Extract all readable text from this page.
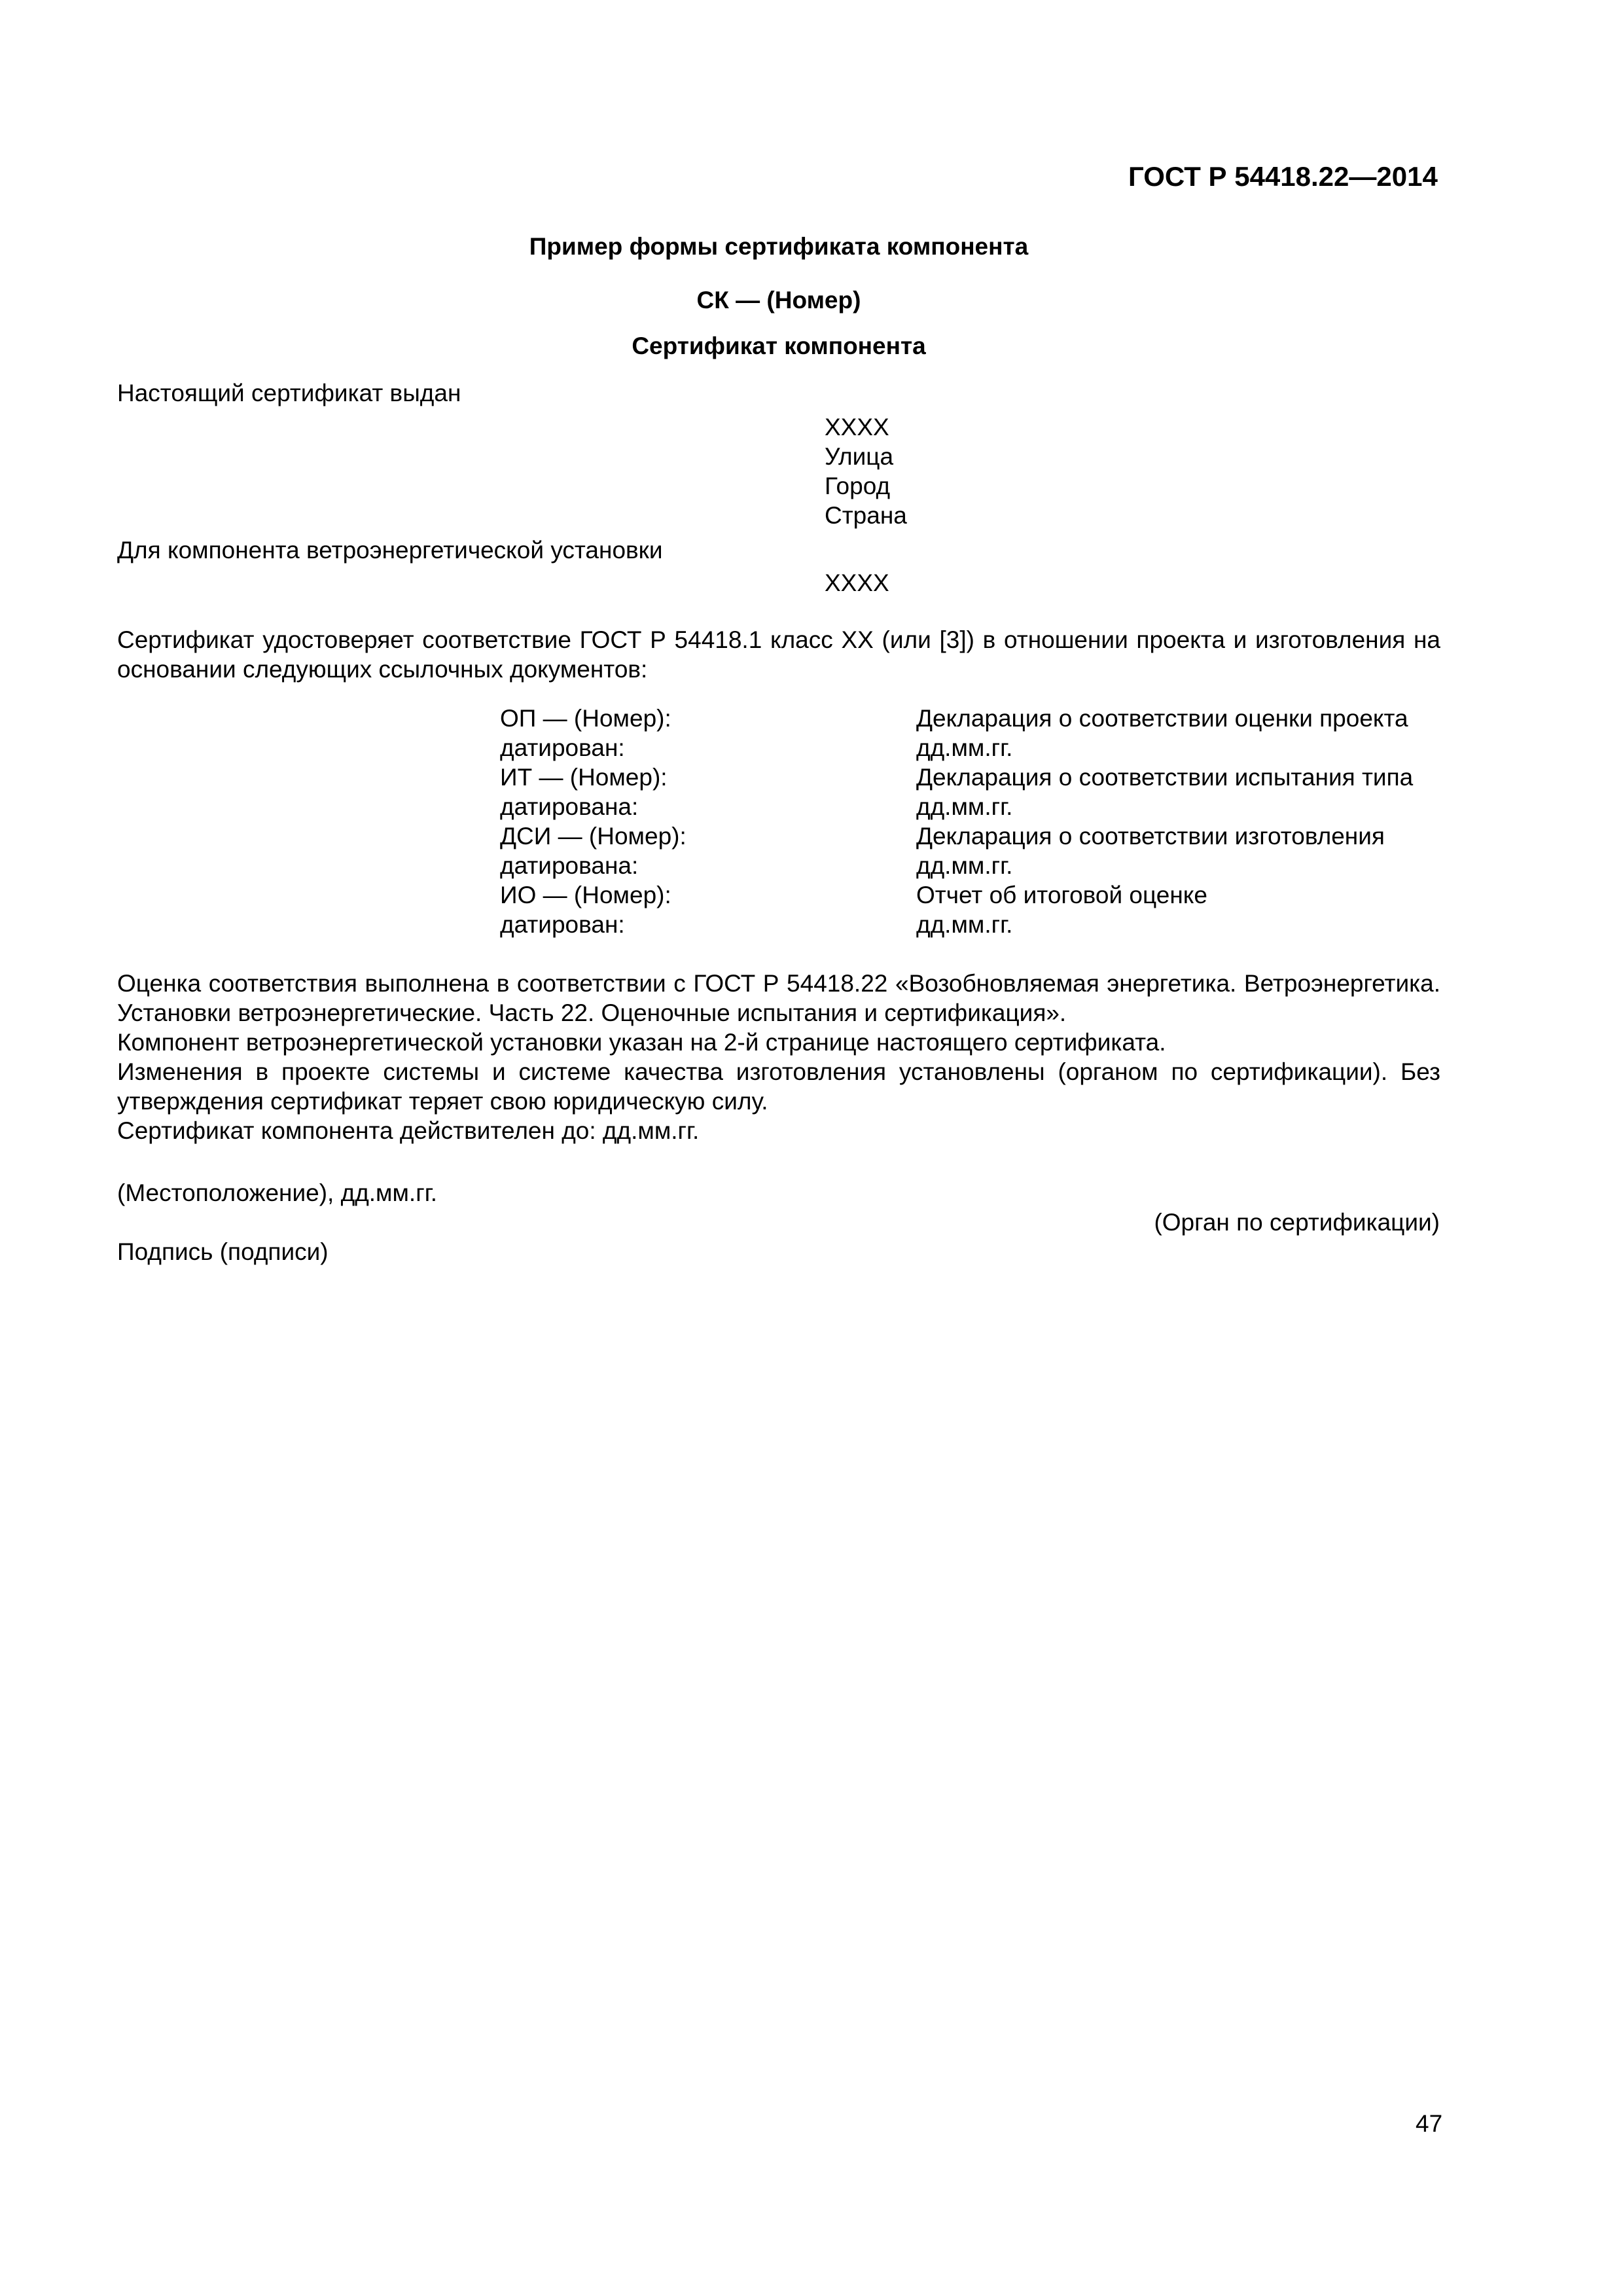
ГОСТ Р 54418.22—2014
Пример формы сертификата компонента
СК — (Номер)
Сертификат компонента
Настоящий сертификат выдан
XXXX
Улица
Город
Страна
Для компонента ветроэнергетической установки
XXXX

Сертификат удостоверяет соответствие ГОСТ Р 54418.1 класс XX (или [3]) в отношении проекта и изготовления на основании следующих ссылочных документов:

ОП — (Номер):	Декларация о соответствии оценки проекта
датирован:	дд.мм.гг.
ИТ — (Номер):	Декларация о соответствии испытания типа
датирована:	дд.мм.гг.
ДСИ — (Номер):	Декларация о соответствии изготовления
датирована:	дд.мм.гг.
ИО — (Номер):	Отчет об итоговой оценке
датирован:	дд.мм.гг.

Оценка соответствия выполнена в соответствии с ГОСТ Р 54418.22 «Возобновляемая энергетика. Ветроэнергетика. Установки ветроэнергетические. Часть 22. Оценочные испытания и сертификация».

Компонент ветроэнергетической установки указан на 2-й странице настоящего сертификата.

Изменения в проекте системы и системе качества изготовления установлены (органом по сертификации). Без утверждения сертификат теряет свою юридическую силу.

Сертификат компонента действителен до: дд.мм.гг.

(Местоположение), дд.мм.гг.
(Орган по сертификации)
Подпись (подписи)
47
